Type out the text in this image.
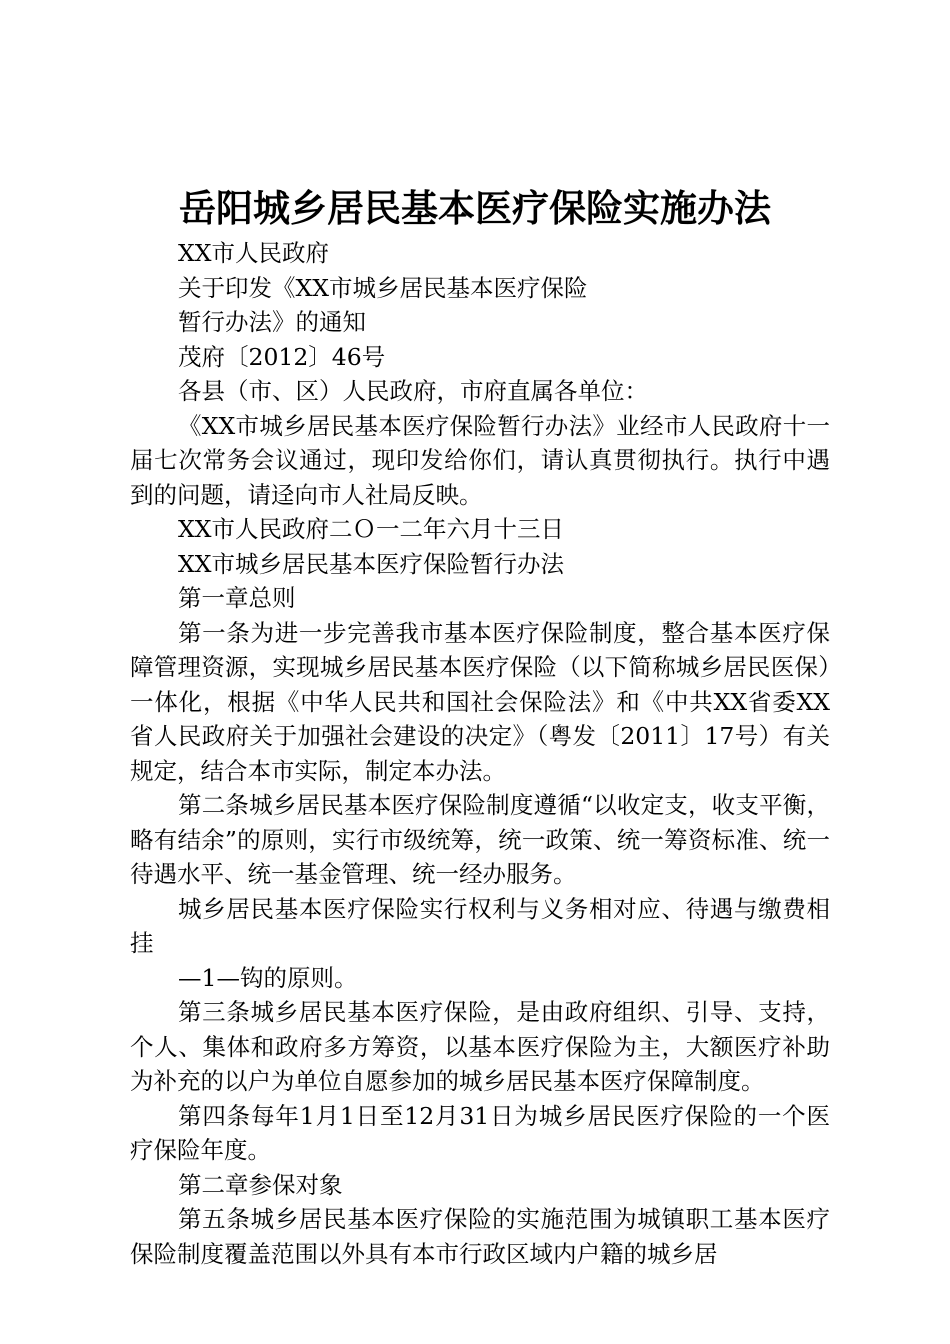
岳阳城乡居民基本医疗保险实施办法

XX市人民政府

关于印发《XX市城乡居民基本医疗保险

暂行办法》的通知

茂府〔2012〕46号

各县（市、区）人民政府，市府直属各单位：

《XX市城乡居民基本医疗保险暂行办法》业经市人民政府十一届七次常务会议通过，现印发给你们，请认真贯彻执行。执行中遇到的问题，请迳向市人社局反映。

XX市人民政府二Ｏ一二年六月十三日

XX市城乡居民基本医疗保险暂行办法

第一章总则

第一条为进一步完善我市基本医疗保险制度，整合基本医疗保障管理资源，实现城乡居民基本医疗保险（以下简称城乡居民医保）一体化，根据《中华人民共和国社会保险法》和《中共XX省委XX省人民政府关于加强社会建设的决定》（粤发〔2011〕17号）有关规定，结合本市实际，制定本办法。

第二条城乡居民基本医疗保险制度遵循“以收定支，收支平衡，略有结余”的原则，实行市级统筹，统一政策、统一筹资标准、统一待遇水平、统一基金管理、统一经办服务。

城乡居民基本医疗保险实行权利与义务相对应、待遇与缴费相挂

—1—钩的原则。

第三条城乡居民基本医疗保险，是由政府组织、引导、支持，个人、集体和政府多方筹资，以基本医疗保险为主，大额医疗补助为补充的以户为单位自愿参加的城乡居民基本医疗保障制度。

第四条每年1月1日至12月31日为城乡居民医疗保险的一个医疗保险年度。

第二章参保对象

第五条城乡居民基本医疗保险的实施范围为城镇职工基本医疗保险制度覆盖范围以外具有本市行政区域内户籍的城乡居
